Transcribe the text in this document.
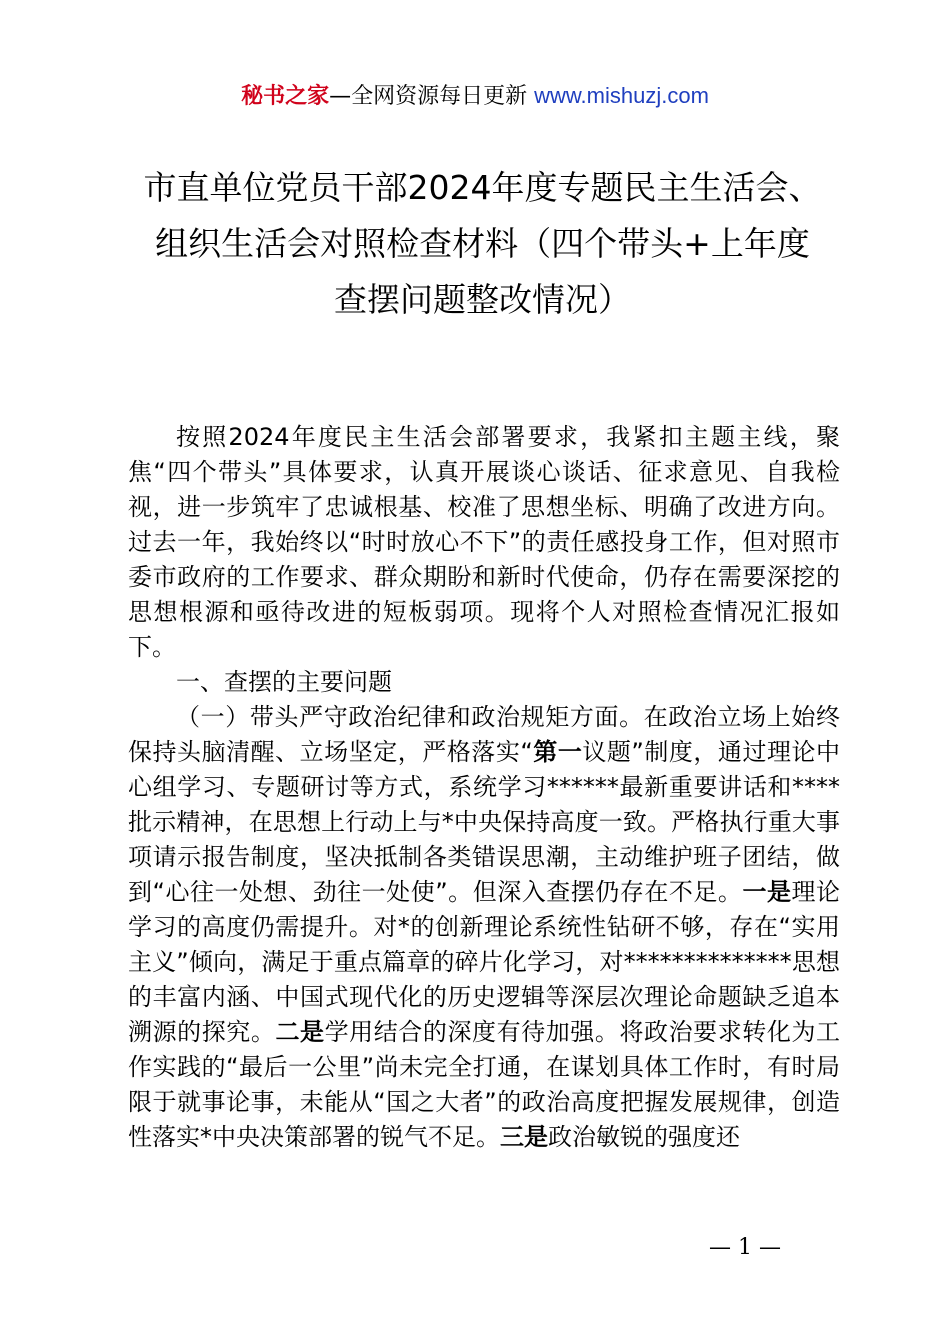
秘书之家—全网资源每日更新 www.mishuzj.com
市直单位党员干部2024年度专题民主生活会、
组织生活会对照检查材料（四个带头+上年度
查摆问题整改情况）

按照2024年度民主生活会部署要求，我紧扣主题主线，聚焦“四个带头”具体要求，认真开展谈心谈话、征求意见、自我检视，进一步筑牢了忠诚根基、校准了思想坐标、明确了改进方向。过去一年，我始终以“时时放心不下”的责任感投身工作，但对照市委市政府的工作要求、群众期盼和新时代使命，仍存在需要深挖的思想根源和亟待改进的短板弱项。现将个人对照检查情况汇报如下。

一、查摆的主要问题

（一）带头严守政治纪律和政治规矩方面。在政治立场上始终保持头脑清醒、立场坚定，严格落实“第一议题”制度，通过理论中心组学习、专题研讨等方式，系统学习******最新重要讲话和****批示精神，在思想上行动上与*中央保持高度一致。严格执行重大事项请示报告制度，坚决抵制各类错误思潮，主动维护班子团结，做到“心往一处想、劲往一处使”。但深入查摆仍存在不足。一是理论学习的高度仍需提升。对*的创新理论系统性钻研不够，存在“实用主义”倾向，满足于重点篇章的碎片化学习，对**************思想的丰富内涵、中国式现代化的历史逻辑等深层次理论命题缺乏追本溯源的探究。二是学用结合的深度有待加强。将政治要求转化为工作实践的“最后一公里”尚未完全打通，在谋划具体工作时，有时局限于就事论事，未能从“国之大者”的政治高度把握发展规律，创造性落实*中央决策部署的锐气不足。三是政治敏锐的强度还

— 1 —
